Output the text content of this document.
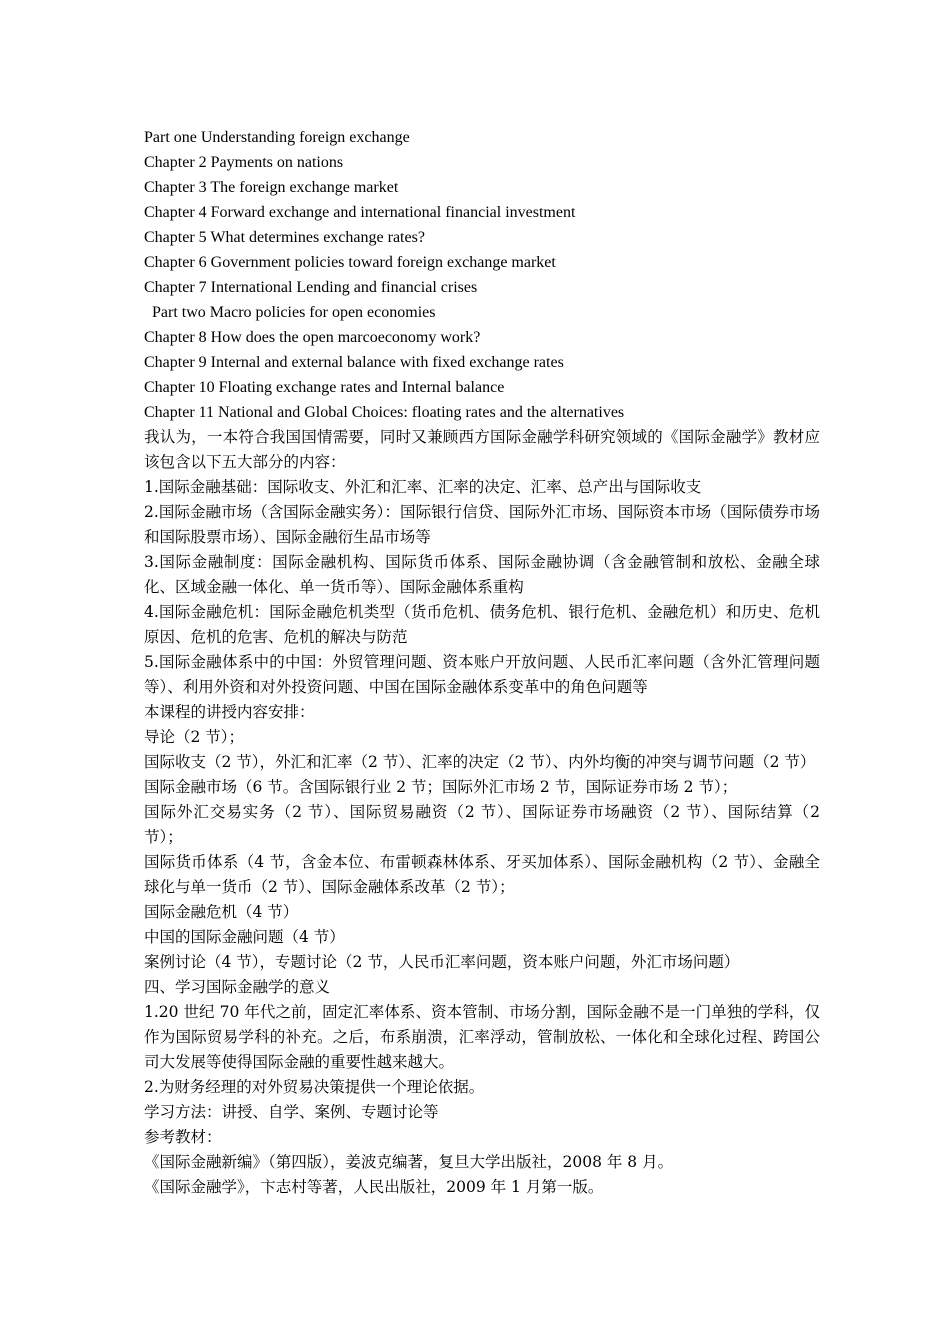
Part one Understanding foreign exchange
Chapter 2 Payments on nations
Chapter 3 The foreign exchange market
Chapter 4 Forward exchange and international financial investment
Chapter 5 What determines exchange rates?
Chapter 6 Government policies toward foreign exchange market
Chapter 7 International Lending and financial crises
Part two Macro policies for open economies
Chapter 8 How does the open marcoeconomy work?
Chapter 9 Internal and external balance with fixed exchange rates
Chapter 10 Floating exchange rates and Internal balance
Chapter 11 National and Global Choices: floating rates and the alternatives
我认为，一本符合我国国情需要，同时又兼顾西方国际金融学科研究领域的《国际金融学》教材应该包含以下五大部分的内容：
1.国际金融基础：国际收支、外汇和汇率、汇率的决定、汇率、总产出与国际收支
2.国际金融市场（含国际金融实务）：国际银行信贷、国际外汇市场、国际资本市场（国际债券市场和国际股票市场）、国际金融衍生品市场等
3.国际金融制度：国际金融机构、国际货币体系、国际金融协调（含金融管制和放松、金融全球化、区域金融一体化、单一货币等）、国际金融体系重构
4.国际金融危机：国际金融危机类型（货币危机、债务危机、银行危机、金融危机）和历史、危机原因、危机的危害、危机的解决与防范
5.国际金融体系中的中国：外贸管理问题、资本账户开放问题、人民币汇率问题（含外汇管理问题等）、利用外资和对外投资问题、中国在国际金融体系变革中的角色问题等
本课程的讲授内容安排：
导论（2 节）；
国际收支（2 节），外汇和汇率（2 节）、汇率的决定（2 节）、内外均衡的冲突与调节问题（2 节）
国际金融市场（6 节。含国际银行业 2 节；国际外汇市场 2 节，国际证券市场 2 节）；
国际外汇交易实务（2 节）、国际贸易融资（2 节）、国际证券市场融资（2 节）、国际结算（2 节）；
国际货币体系（4 节，含金本位、布雷顿森林体系、牙买加体系）、国际金融机构（2 节）、金融全球化与单一货币（2 节）、国际金融体系改革（2 节）；
国际金融危机（4 节）
中国的国际金融问题（4 节）
案例讨论（4 节），专题讨论（2 节，人民币汇率问题，资本账户问题，外汇市场问题）
四、学习国际金融学的意义
1.20 世纪 70 年代之前，固定汇率体系、资本管制、市场分割，国际金融不是一门单独的学科，仅作为国际贸易学科的补充。之后，布系崩溃，汇率浮动，管制放松、一体化和全球化过程、跨国公司大发展等使得国际金融的重要性越来越大。
2.为财务经理的对外贸易决策提供一个理论依据。
学习方法：讲授、自学、案例、专题讨论等
参考教材：
《国际金融新编》（第四版），姜波克编著，复旦大学出版社，2008 年 8 月。
《国际金融学》，卞志村等著，人民出版社，2009 年 1 月第一版。
